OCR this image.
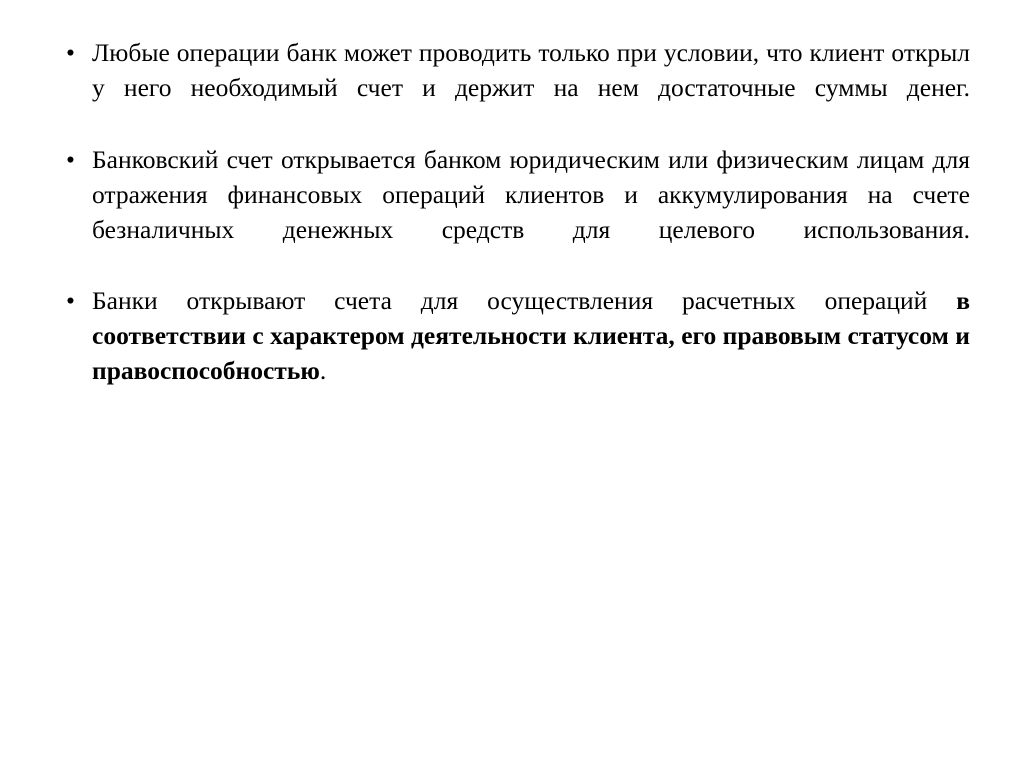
• Любые операции банк может проводить только при условии, что клиент открыл у него необходимый счет и держит на нем достаточные суммы денег.
• Банковский счет открывается банком юридическим или физическим лицам для отражения финансовых операций клиентов и аккумулирования на счете безналичных денежных средств для целевого использования.
• Банки открывают счета для осуществления расчетных операций в соответствии с характером деятельности клиента, его правовым статусом и правоспособностью.
